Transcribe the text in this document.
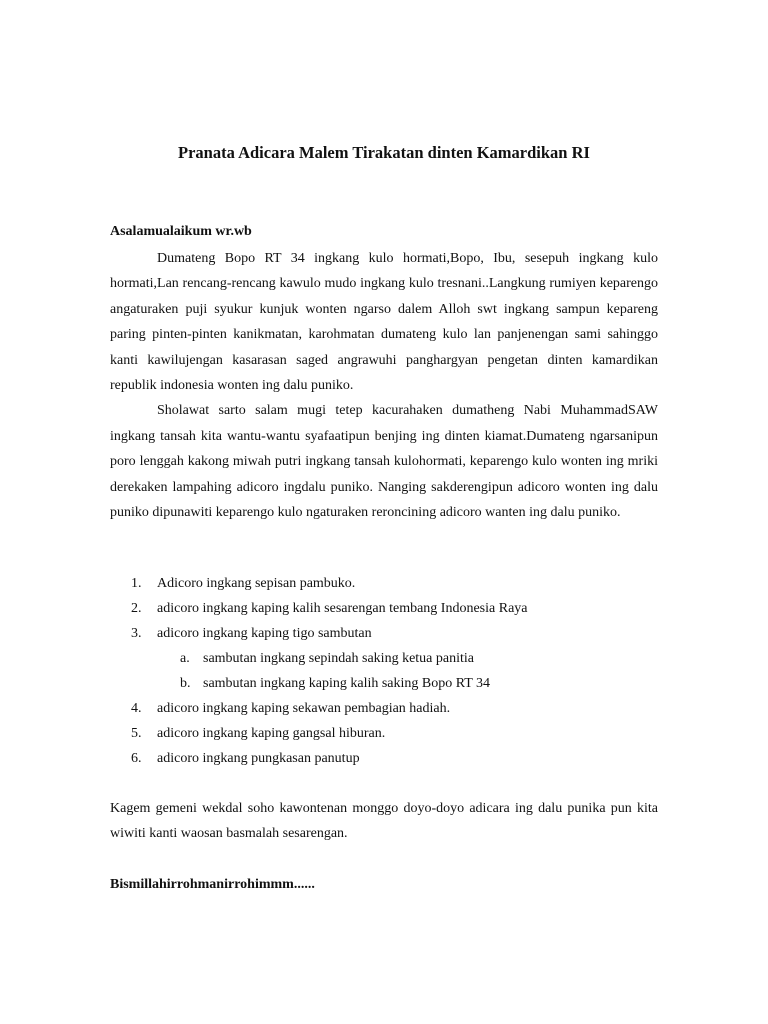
Pranata Adicara Malem Tirakatan dinten Kamardikan RI

Asalamualaikum wr.wb

Dumateng Bopo RT 34 ingkang kulo hormati,Bopo, Ibu, sesepuh ingkang kulo hormati,Lan rencang-rencang kawulo mudo ingkang kulo tresnani..Langkung rumiyen keparengo angaturaken puji syukur kunjuk wonten ngarso dalem Alloh swt ingkang sampun kepareng paring pinten-pinten kanikmatan, karohmatan dumateng kulo lan panjenengan sami sahinggo kanti kawilujengan kasarasan saged angrawuhi panghargyan pengetan dinten kamardikan republik indonesia wonten ing dalu puniko.

Sholawat sarto salam mugi tetep kacurahaken dumatheng Nabi MuhammadSAW ingkang tansah kita wantu-wantu syafaatipun benjing ing dinten kiamat.Dumateng ngarsanipun poro lenggah kakong miwah putri ingkang tansah kulohormati, keparengo kulo wonten ing mriki derekaken lampahing adicoro ingdalu puniko. Nanging sakderengipun adicoro wonten ing dalu puniko dipunawiti keparengo kulo ngaturaken reroncining adicoro wanten ing dalu puniko.

1. Adicoro ingkang sepisan pambuko.
2. adicoro ingkang kaping kalih sesarengan tembang Indonesia Raya
3. adicoro ingkang kaping tigo sambutan
a. sambutan ingkang sepindah saking ketua panitia
b. sambutan ingkang kaping kalih saking Bopo RT 34
4. adicoro ingkang kaping sekawan pembagian hadiah.
5. adicoro ingkang kaping gangsal hiburan.
6. adicoro ingkang pungkasan panutup

Kagem gemeni wekdal soho kawontenan monggo doyo-doyo adicara ing dalu punika pun kita wiwiti kanti waosan basmalah sesarengan.

Bismillahirrohmanirrohimmm......
